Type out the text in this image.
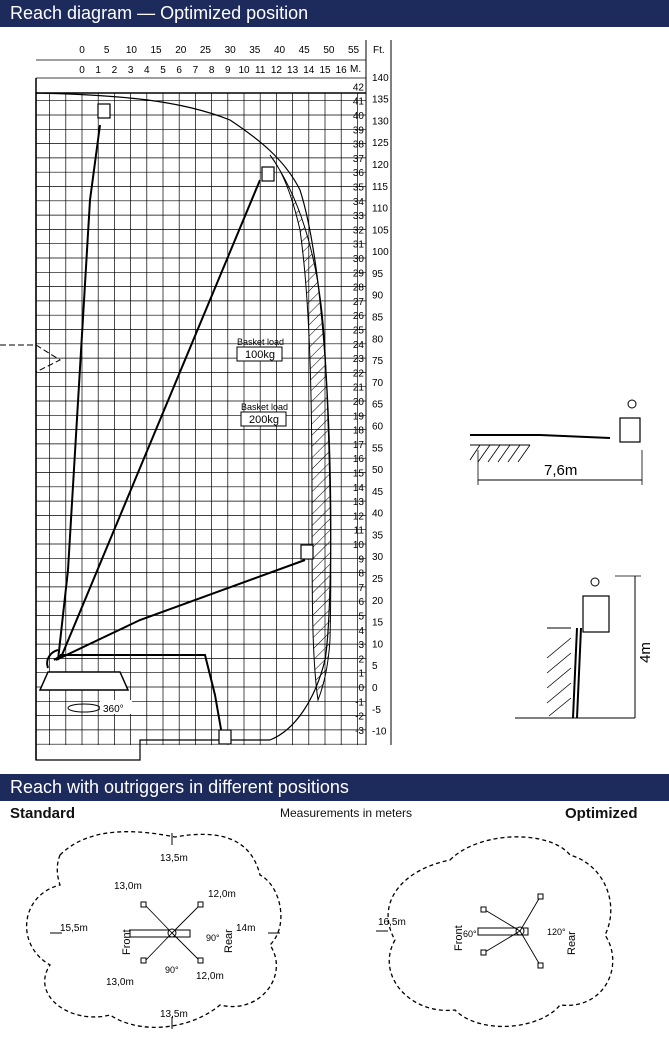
Reach diagram — Optimized position
360°
Basket load
100kg
Basket load
200kg
Ft.
M.
0 5 10 15 20 25 30 35 40 45 50 55
0 1 2 3 4 5 6 7 8 9 10 11 12 13 14 15 16
42
41
40
39
38
37
36
35
34
33
32
31
30
29
28
27
26
25
24
23
22
21
20
19
18
17
16
15
14
13
12
11
10
9
8
7
6
5
4
3
2
1
0
-1
-2
-3
140
135
130
125
120
115
110
105
100
95
90
85
80
75
70
65
60
55
50
45
40
35
30
25
20
15
10
5
0
-5
-10
7,6m
4m
Reach with outriggers in different positions
Standard	Measurements in meters	Optimized
13,5m
13,0m
12,0m
15,5m	14m
13,0m
12,0m
13,5m
Front	Rear
90°
90°
16,5m
Front	Rear
60°	120°
